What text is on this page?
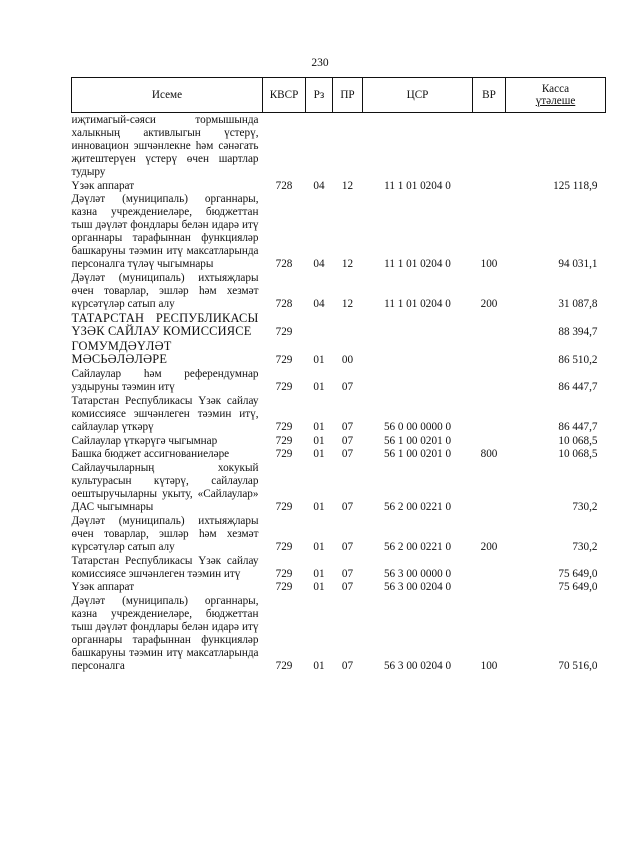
230
Исеме	КВСР	Рз	ПР	ЦСР	ВР	Касса
үтәлеше

иҗтимагый-сәяси тормышында халыкның активлыгын үстерү, инновацион эшчәнлекне һәм сәнәгать җитештерүен үстерү өчен шартлар тудыру						
Үзәк аппарат	728	04	12	11 1 01 0204 0		125 118,9
Дәүләт (муниципаль) органнары, казна учреждениеләре, бюджеттан тыш дәүләт фондлары белән идарә итү органнары тарафыннан функцияләр башкаруны тәэмин итү максатларында персоналга түләү чыгымнары	728	04	12	11 1 01 0204 0	100	94 031,1
Дәүләт (муниципаль) ихтыяҗлары өчен товарлар, эшләр һәм хезмәт күрсәтүләр сатып алу	728	04	12	11 1 01 0204 0	200	31 087,8
ТАТАРСТАН РЕСПУБЛИКАСЫ ҮЗӘК САЙЛАУ КОМИССИЯСЕ	729					88 394,7
ГОМУМДӘҮЛӘТ МӘСЬӘЛӘЛӘРЕ	729	01	00			86 510,2
Сайлаулар һәм референдумнар уздыруны тәэмин итү	729	01	07			86 447,7
Татарстан Республикасы Үзәк сайлау комиссиясе эшчәнлеген тәэмин итү, сайлаулар үткәрү	729	01	07	56 0 00 0000 0		86 447,7
Сайлаулар үткәрүгә чыгымнар	729	01	07	56 1 00 0201 0		10 068,5
Башка бюджет ассигнованиеләре	729	01	07	56 1 00 0201 0	800	10 068,5
Сайлаучыларның хокукый культурасын күтәрү, сайлаулар оештыручыларны укыту, «Сайлаулар» ДАС чыгымнары	729	01	07	56 2 00 0221 0		730,2
Дәүләт (муниципаль) ихтыяҗлары өчен товарлар, эшләр һәм хезмәт күрсәтүләр сатып алу	729	01	07	56 2 00 0221 0	200	730,2
Татарстан Республикасы Үзәк сайлау комиссиясе эшчәнлеген тәэмин итү	729	01	07	56 3 00 0000 0		75 649,0
Үзәк аппарат	729	01	07	56 3 00 0204 0		75 649,0
Дәүләт (муниципаль) органнары, казна учреждениеләре, бюджеттан тыш дәүләт фондлары белән идарә итү органнары тарафыннан функцияләр башкаруны тәэмин итү максатларында персоналга	729	01	07	56 3 00 0204 0	100	70 516,0
